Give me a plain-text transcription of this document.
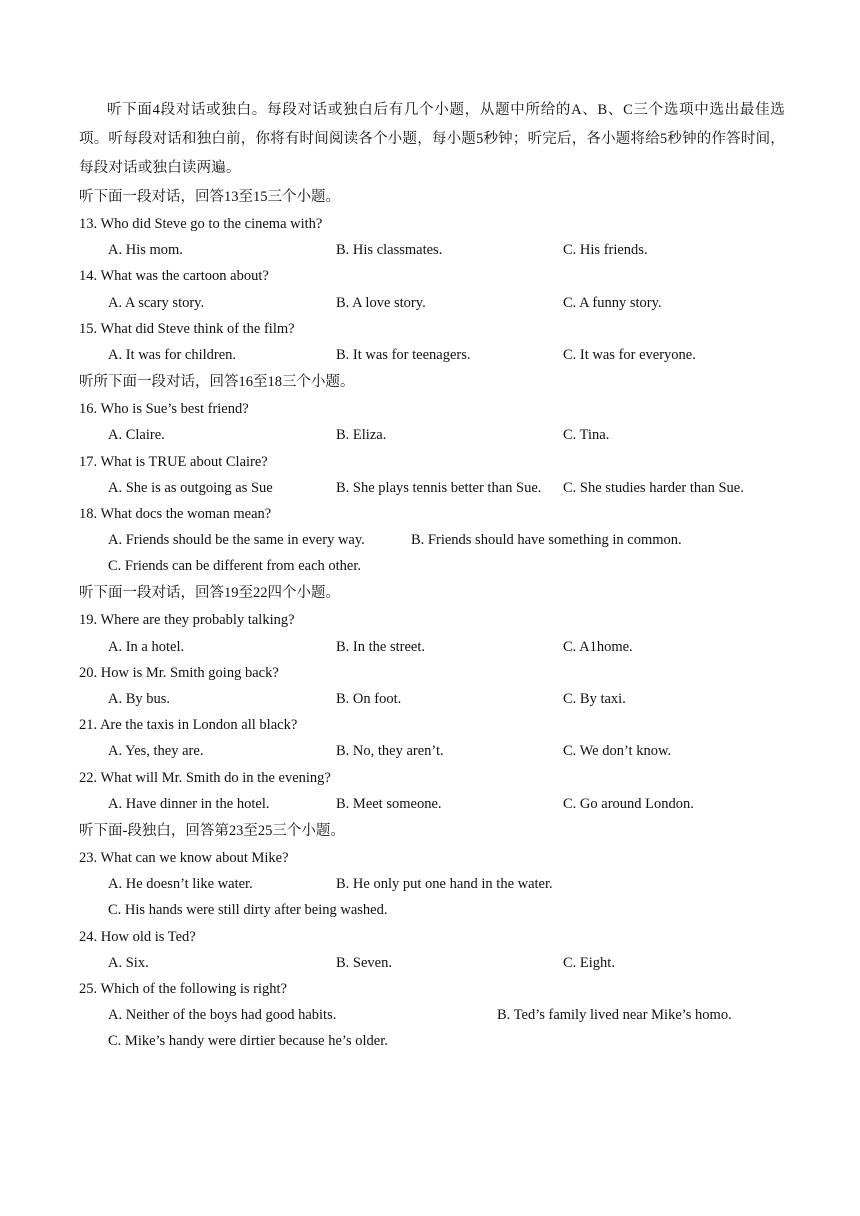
听下面4段对话或独白。每段对话或独白后有几个小题，从题中所给的A、B、C三个选项中选出最佳选项。听每段对话和独白前，你将有时间阅读各个小题，每小题5秒钟；听完后，各小题将给5秒钟的作答时间，每段对话或独白读两遍。

听下面一段对话，回答13至15三个小题。
13. Who did Steve go to the cinema with?
A. His mom.	B. His classmates.	C. His friends.
14. What was the cartoon about?
A. A scary story.	B. A love story.	C. A funny story.
15. What did Steve think of the film?
A. It was for children.	B. It was for teenagers.	C. It was for everyone.
听所下面一段对话，回答16至18三个小题。
16. Who is Sue’s best friend?
A. Claire.	B. Eliza.	C. Tina.
17. What is TRUE about Claire?
A. She is as outgoing as Sue	B. She plays tennis better than Sue. C. She studies harder than Sue.
18. What docs the woman mean?
A. Friends should be the same in every way.	B. Friends should have something in common.
C. Friends can be different from each other.
听下面一段对话，回答19至22四个小题。
19. Where are they probably talking?
A. In a hotel.	B. In the street.	C. A1home.
20. How is Mr. Smith going back?
A. By bus.	B. On foot.	C. By taxi.
21. Are the taxis in London all black?
A. Yes, they are.	B. No, they aren’t.	C. We don’t know.
22. What will Mr. Smith do in the evening?
A. Have dinner in the hotel.	B. Meet someone.	C. Go around London.
听下面-段独白，回答第23至25三个小题。
23. What can we know about Mike?
A. He doesn’t like water.	B. He only put one hand in the water.
C. His hands were still dirty after being washed.
24. How old is Ted?
A. Six.	B. Seven.	C. Eight.
25. Which of the following is right?
A. Neither of the boys had good habits.	B. Ted’s family lived near Mike’s homo.
C. Mike’s handy were dirtier because he’s older.
